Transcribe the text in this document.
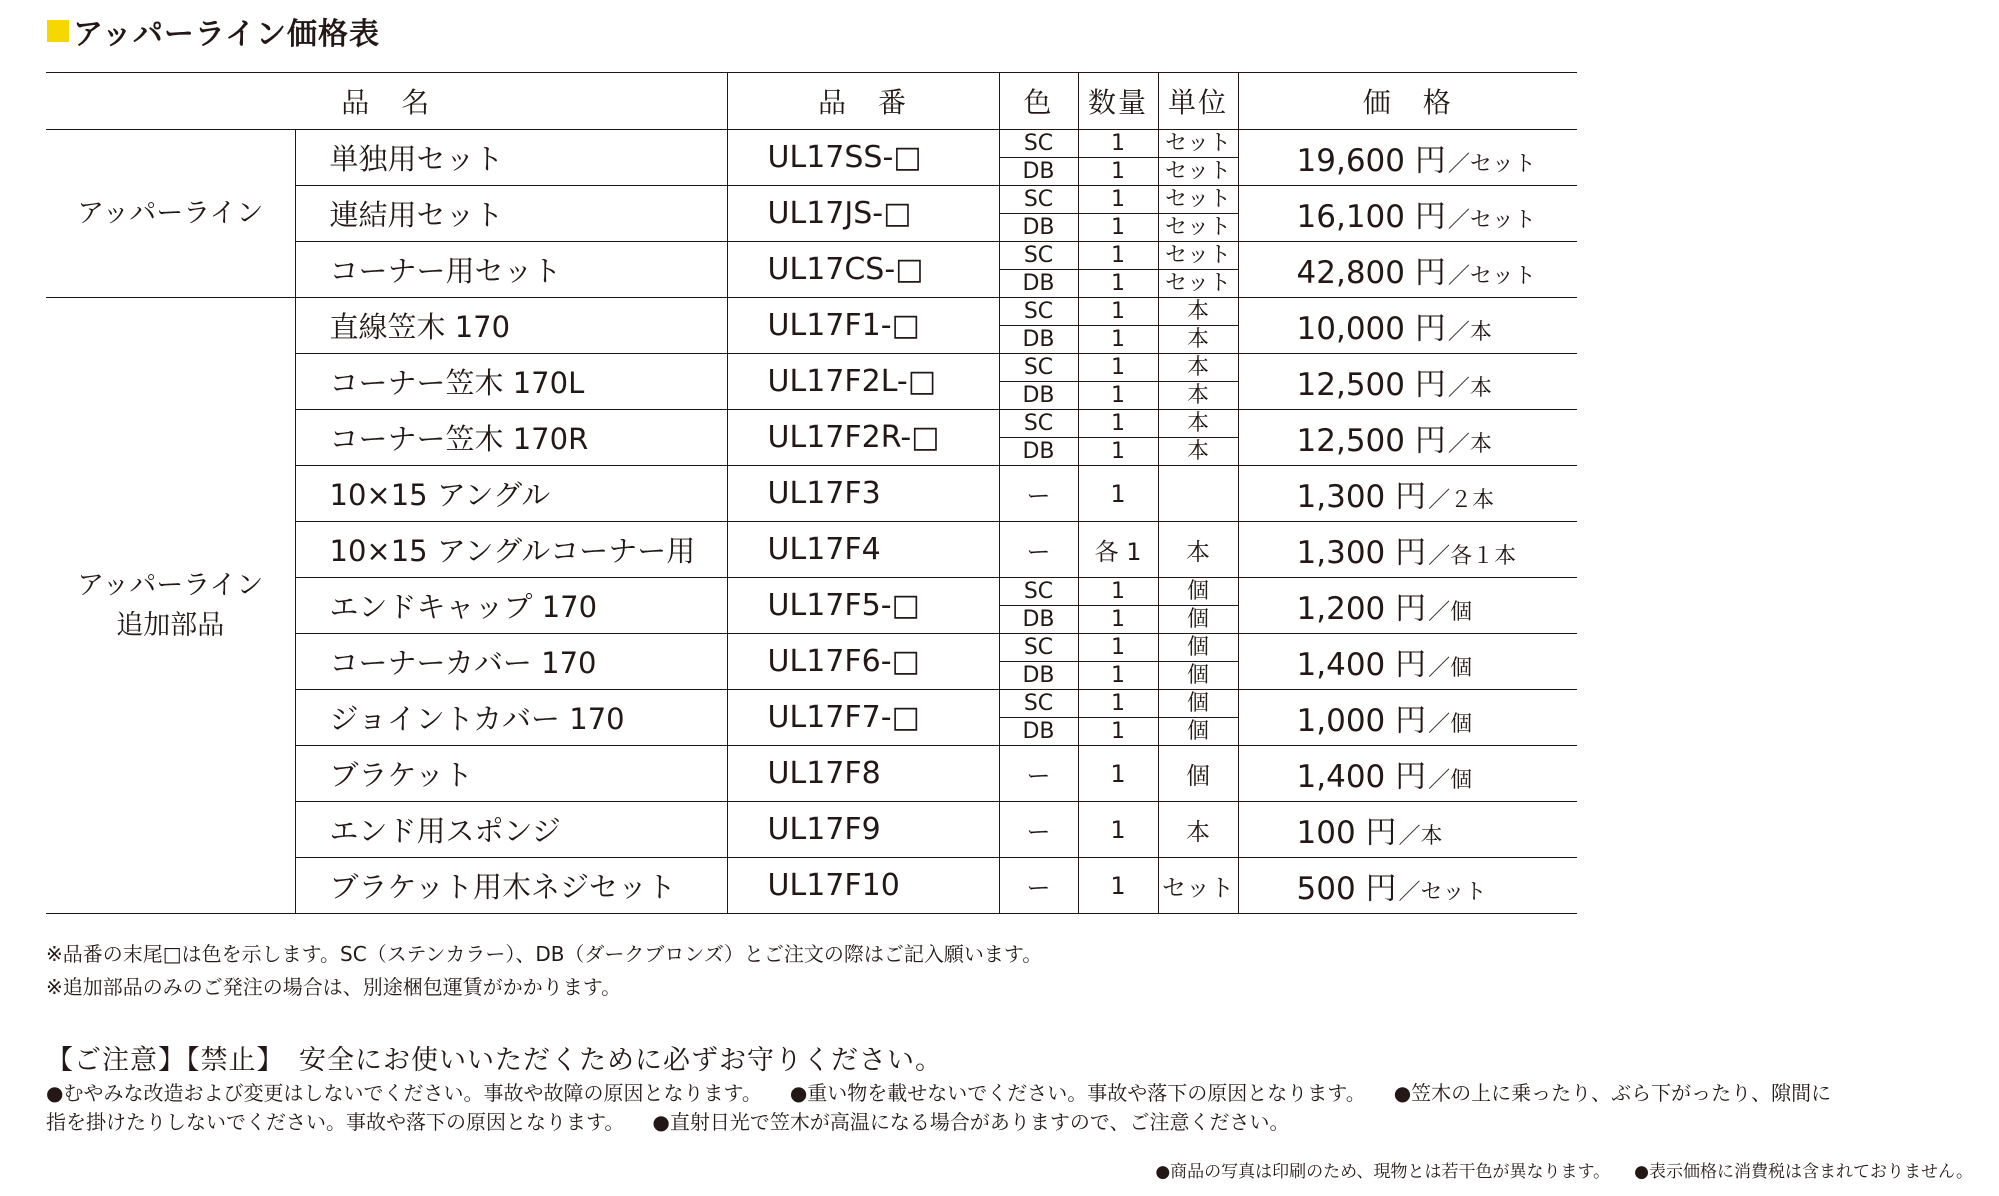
アッパーライン価格表
品　名		品　番	色	数量	単位	価　格
アッパーライン	単独用セット	UL17SS-□	SC	1	セット	19,600 円／セット
			DB	1	セット	
	連結用セット	UL17JS-□	SC	1	セット	16,100 円／セット
			DB	1	セット	
	コーナー用セット	UL17CS-□	SC	1	セット	42,800 円／セット
			DB	1	セット	

アッパーライン
追加部品	直線笠木 170	UL17F1-□	SC	1	本	10,000 円／本
			DB	1	本	
	コーナー笠木 170L	UL17F2L-□	SC	1	本	12,500 円／本
			DB	1	本	
	コーナー笠木 170R	UL17F2R-□	SC	1	本	12,500 円／本
			DB	1	本	
	10×15 アングル	UL17F3	ー	1		1,300 円／２本
	10×15 アングルコーナー用	UL17F4	ー	各 1	本	1,300 円／各１本
	エンドキャップ 170	UL17F5-□	SC	1	個	1,200 円／個
			DB	1	個	
	コーナーカバー 170	UL17F6-□	SC	1	個	1,400 円／個
			DB	1	個	
	ジョイントカバー 170	UL17F7-□	SC	1	個	1,000 円／個
			DB	1	個	
	ブラケット	UL17F8	ー	1	個	1,400 円／個
	エンド用スポンジ	UL17F9	ー	1	本	100 円／本
	ブラケット用木ネジセット	UL17F10	ー	1	セット	500 円／セット
※品番の末尾□は色を示します。SC（ステンカラー）、DB（ダークブロンズ）とご注文の際はご記入願います。
※追加部品のみのご発注の場合は、別途梱包運賃がかかります。
【ご注意】【禁止】　安全にお使いいただくために必ずお守りください。
●むやみな改造および変更はしないでください。事故や故障の原因となります。 ●重い物を載せないでください。事故や落下の原因となります。 ●笠木の上に乗ったり、ぶら下がったり、隙間に
指を掛けたりしないでください。事故や落下の原因となります。 ●直射日光で笠木が高温になる場合がありますので、ご注意ください。
●商品の写真は印刷のため、現物とは若干色が異なります。 ●表示価格に消費税は含まれておりません。
